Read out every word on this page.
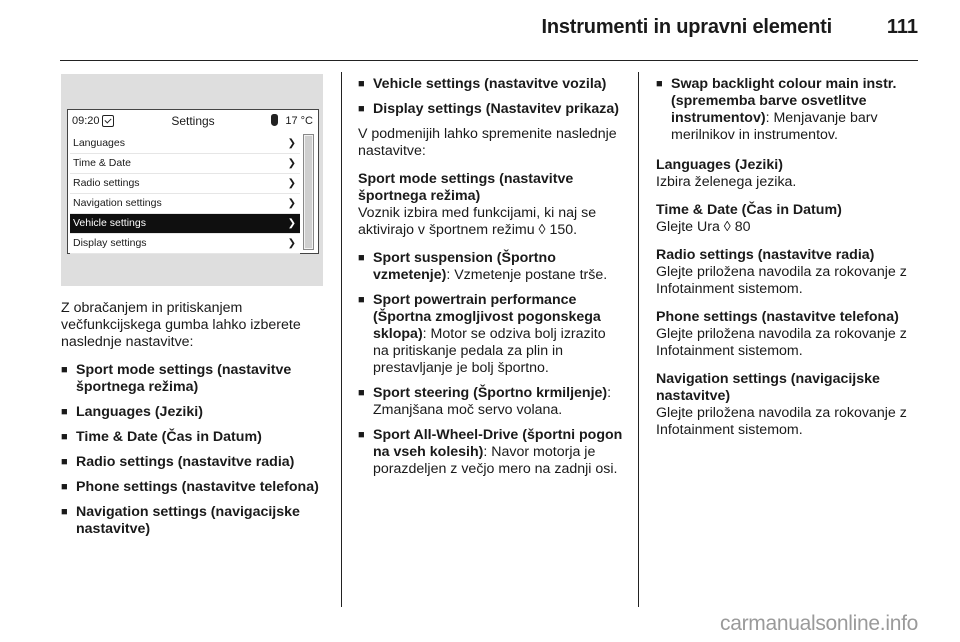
Instrumenti in upravni elementi	111
09:20	Settings	17 °C
Languages	❯
Time & Date	❯
Radio settings	❯
Navigation settings	❯
Vehicle settings	❯
Display settings	❯

Z obračanjem in pritiskanjem večfunkcijskega gumba lahko izberete naslednje nastavitve:

■ Sport mode settings (nastavitve športnega režima)
■ Languages (Jeziki)
■ Time & Date (Čas in Datum)
■ Radio settings (nastavitve radia)
■ Phone settings (nastavitve telefona)
■ Navigation settings (navigacijske nastavitve)
■ Vehicle settings (nastavitve vozila)
■ Display settings (Nastavitev prikaza)

V podmenijih lahko spremenite naslednje nastavitve:

Sport mode settings (nastavitve športnega režima)

Voznik izbira med funkcijami, ki naj se aktivirajo v športnem režimu ◊ 150.

■ Sport suspension (Športno vzmetenje): Vzmetenje postane trše.
■ Sport powertrain performance (Športna zmogljivost pogonskega sklopa): Motor se odziva bolj izrazito na pritiskanje pedala za plin in prestavljanje je bolj športno.
■ Sport steering (Športno krmiljenje): Zmanjšana moč servo volana.
■ Sport All-Wheel-Drive (športni pogon na vseh kolesih): Navor motorja je porazdeljen z večjo mero na zadnji osi.
■ Swap backlight colour main instr. (sprememba barve osvetlitve instrumentov): Menjavanje barv merilnikov in instrumentov.

Languages (Jeziki)

Izbira želenega jezika.

Time & Date (Čas in Datum)

Glejte Ura ◊ 80

Radio settings (nastavitve radia)

Glejte priložena navodila za rokovanje z Infotainment sistemom.

Phone settings (nastavitve telefona)

Glejte priložena navodila za rokovanje z Infotainment sistemom.

Navigation settings (navigacijske nastavitve)

Glejte priložena navodila za rokovanje z Infotainment sistemom.

carmanualsonline.info
